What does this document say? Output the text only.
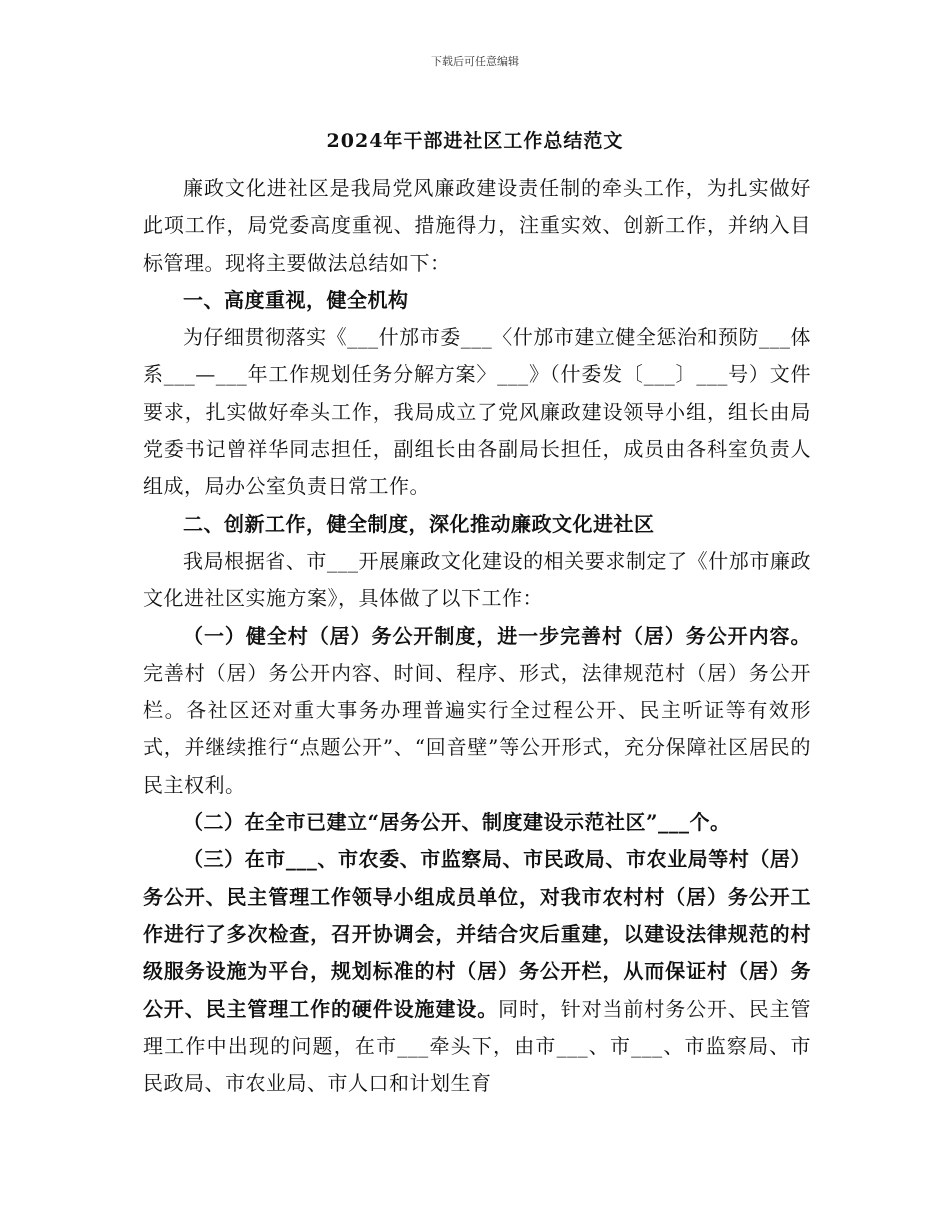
下载后可任意编辑
2024年干部进社区工作总结范文

廉政文化进社区是我局党风廉政建设责任制的牵头工作，为扎实做好此项工作，局党委高度重视、措施得力，注重实效、创新工作，并纳入目标管理。现将主要做法总结如下：

一、高度重视，健全机构

为仔细贯彻落实《___什邡市委___〈什邡市建立健全惩治和预防___体系___—___年工作规划任务分解方案〉___》（什委发〔___〕___号）文件要求，扎实做好牵头工作，我局成立了党风廉政建设领导小组，组长由局党委书记曾祥华同志担任，副组长由各副局长担任，成员由各科室负责人组成，局办公室负责日常工作。

二、创新工作，健全制度，深化推动廉政文化进社区

我局根据省、市___开展廉政文化建设的相关要求制定了《什邡市廉政文化进社区实施方案》，具体做了以下工作：

（一）健全村（居）务公开制度，进一步完善村（居）务公开内容。完善村（居）务公开内容、时间、程序、形式，法律规范村（居）务公开栏。各社区还对重大事务办理普遍实行全过程公开、民主听证等有效形式，并继续推行“点题公开”、“回音壁”等公开形式，充分保障社区居民的民主权利。

（二）在全市已建立“居务公开、制度建设示范社区”___个。

（三）在市___、市农委、市监察局、市民政局、市农业局等村（居）务公开、民主管理工作领导小组成员单位，对我市农村村（居）务公开工作进行了多次检查，召开协调会，并结合灾后重建，以建设法律规范的村级服务设施为平台，规划标准的村（居）务公开栏，从而保证村（居）务公开、民主管理工作的硬件设施建设。同时，针对当前村务公开、民主管理工作中出现的问题，在市___牵头下，由市___、市___、市监察局、市民政局、市农业局、市人口和计划生育
